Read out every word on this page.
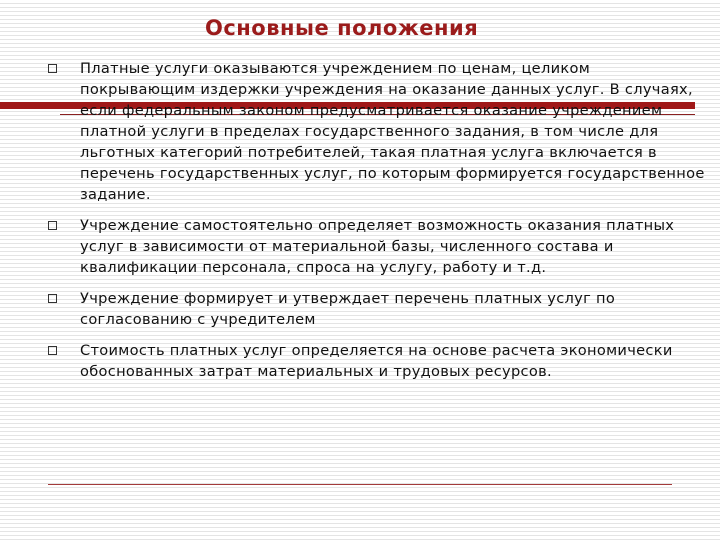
Основные положения
Платные услуги оказываются учреждением по ценам, целиком покрывающим издержки учреждения на оказание данных услуг. В случаях, если федеральным законом предусматривается оказание учреждением платной услуги в пределах государственного задания, в том числе для льготных категорий потребителей, такая платная услуга включается в перечень государственных услуг, по которым формируется государственное задание.
Учреждение самостоятельно определяет возможность оказания платных услуг в зависимости от материальной базы, численного состава и квалификации персонала, спроса на услугу, работу и т.д.
Учреждение формирует и утверждает перечень платных услуг по согласованию с учредителем
Стоимость платных услуг определяется на основе расчета экономически обоснованных затрат материальных и трудовых ресурсов.
